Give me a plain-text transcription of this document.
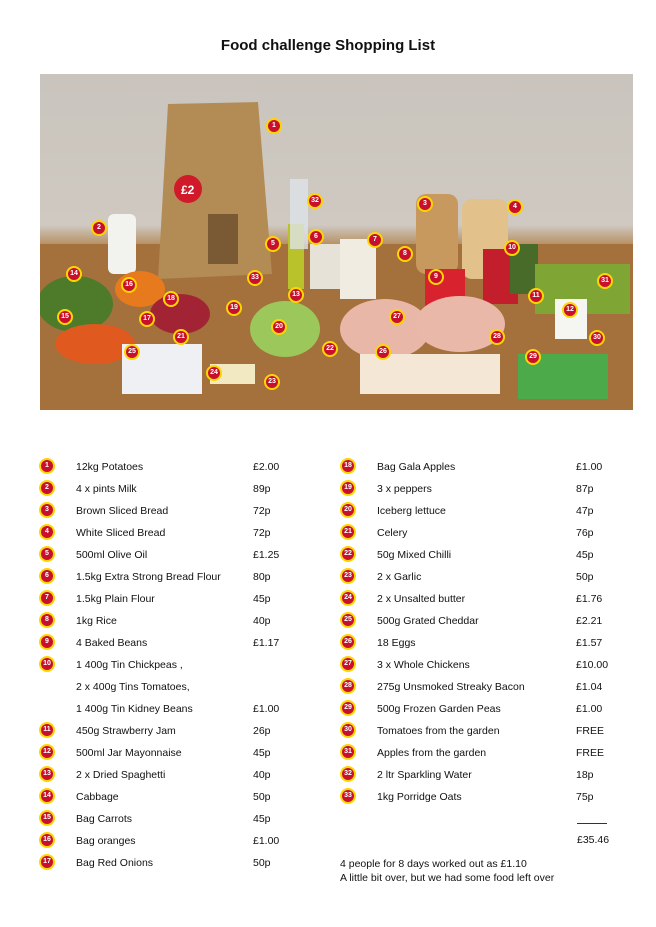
Food challenge Shopping List
£2
1
2
3	4
5
6	7
8
9
10
11
12
13
14
15
16
17
18
19
20
21
22
23
24
25	26
27
28
29
30
31
32
33
1	12kg Potatoes	£2.00
2	4 x pints Milk	89p
3	Brown Sliced Bread	72p
4	White Sliced Bread	72p
5	500ml Olive Oil	£1.25
6	1.5kg Extra Strong Bread Flour	80p
7	1.5kg Plain Flour	45p
8	1kg Rice	40p
9	4 Baked Beans	£1.17
10	1 400g Tin Chickpeas ,
2 x 400g Tins Tomatoes,
1 400g Tin Kidney Beans	£1.00
11	450g Strawberry Jam	26p
12	500ml Jar Mayonnaise	45p
13	2 x Dried Spaghetti	40p
14	Cabbage	50p
15	Bag Carrots	45p
16	Bag oranges	£1.00
17	Bag Red Onions	50p
18	Bag Gala Apples	£1.00
19	3 x peppers	87p
20	Iceberg lettuce	47p
21	Celery	76p
22	50g Mixed Chilli	45p
23	2 x Garlic	50p
24	2 x Unsalted butter	£1.76
25	500g Grated Cheddar	£2.21
26	18 Eggs	£1.57
27	3 x Whole Chickens	£10.00
28	275g Unsmoked Streaky Bacon	£1.04
29	500g Frozen Garden Peas	£1.00
30	Tomatoes from the garden	FREE
31	Apples from the garden	FREE
32	2 ltr Sparkling Water	18p
33	1kg Porridge Oats	75p
£35.46
4 people for 8 days worked out as £1.10
A little bit over, but we had some food left over
